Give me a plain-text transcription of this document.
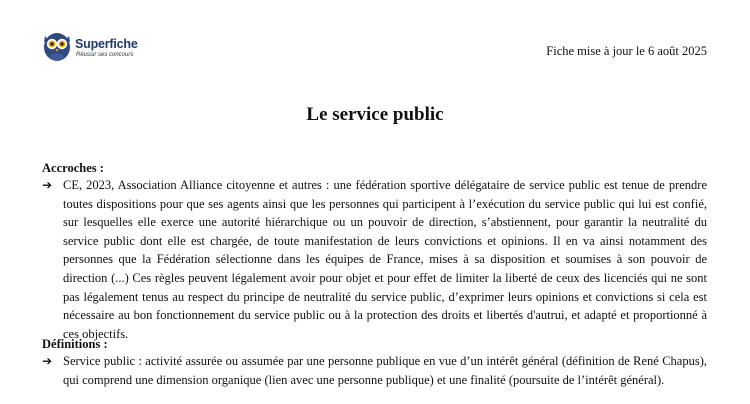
Superfiche
Réussir ses concours	Fiche mise à jour le 6 août 2025
Le service public

Accroches :

➔ CE, 2023, Association Alliance citoyenne et autres : une fédération sportive délégataire de service public est tenue de prendre toutes dispositions pour que ses agents ainsi que les personnes qui participent à l’exécution du service public qui lui est confié, sur lesquelles elle exerce une autorité hiérarchique ou un pouvoir de direction, s’abstiennent, pour garantir la neutralité du service public dont elle est chargée, de toute manifestation de leurs convictions et opinions. Il en va ainsi notamment des personnes que la Fédération sélectionne dans les équipes de France, mises à sa disposition et soumises à son pouvoir de direction (...) Ces règles peuvent légalement avoir pour objet et pour effet de limiter la liberté de ceux des licenciés qui ne sont pas légalement tenus au respect du principe de neutralité du service public, d’exprimer leurs opinions et convictions si cela est nécessaire au bon fonctionnement du service public ou à la protection des droits et libertés d'autrui, et adapté et proportionné à ces objectifs.

Définitions :

➔ Service public : activité assurée ou assumée par une personne publique en vue d’un intérêt général (définition de René Chapus), qui comprend une dimension organique (lien avec une personne publique) et une finalité (poursuite de l’intérêt général).
